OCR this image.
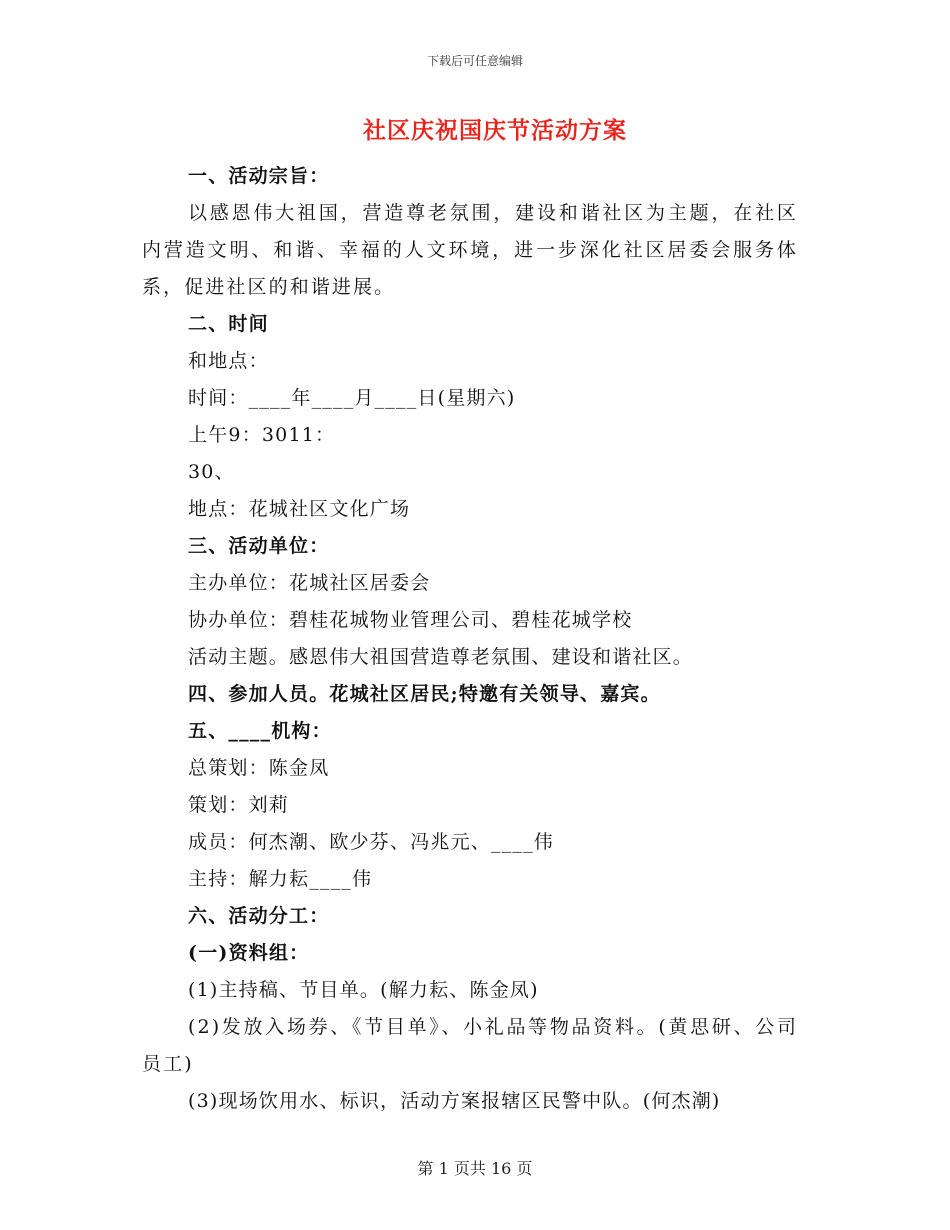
下载后可任意编辑
社区庆祝国庆节活动方案
一、活动宗旨：
以感恩伟大祖国，营造尊老氛围，建设和谐社区为主题，在社区内营造文明、和谐、幸福的人文环境，进一步深化社区居委会服务体系，促进社区的和谐进展。
二、时间
和地点：
时间：____年____月____日(星期六)
上午9：3011：
30、
地点：花城社区文化广场
三、活动单位：
主办单位：花城社区居委会
协办单位：碧桂花城物业管理公司、碧桂花城学校
活动主题。感恩伟大祖国营造尊老氛围、建设和谐社区。
四、参加人员。花城社区居民;特邀有关领导、嘉宾。
五、____机构：
总策划：陈金凤
策划：刘莉
成员：何杰潮、欧少芬、冯兆元、____伟
主持：解力耘____伟
六、活动分工：
(一)资料组：
(1)主持稿、节目单。(解力耘、陈金凤)
(2)发放入场券、《节目单》、小礼品等物品资料。(黄思研、公司员工)
(3)现场饮用水、标识，活动方案报辖区民警中队。(何杰潮)
第 1 页共 16 页
